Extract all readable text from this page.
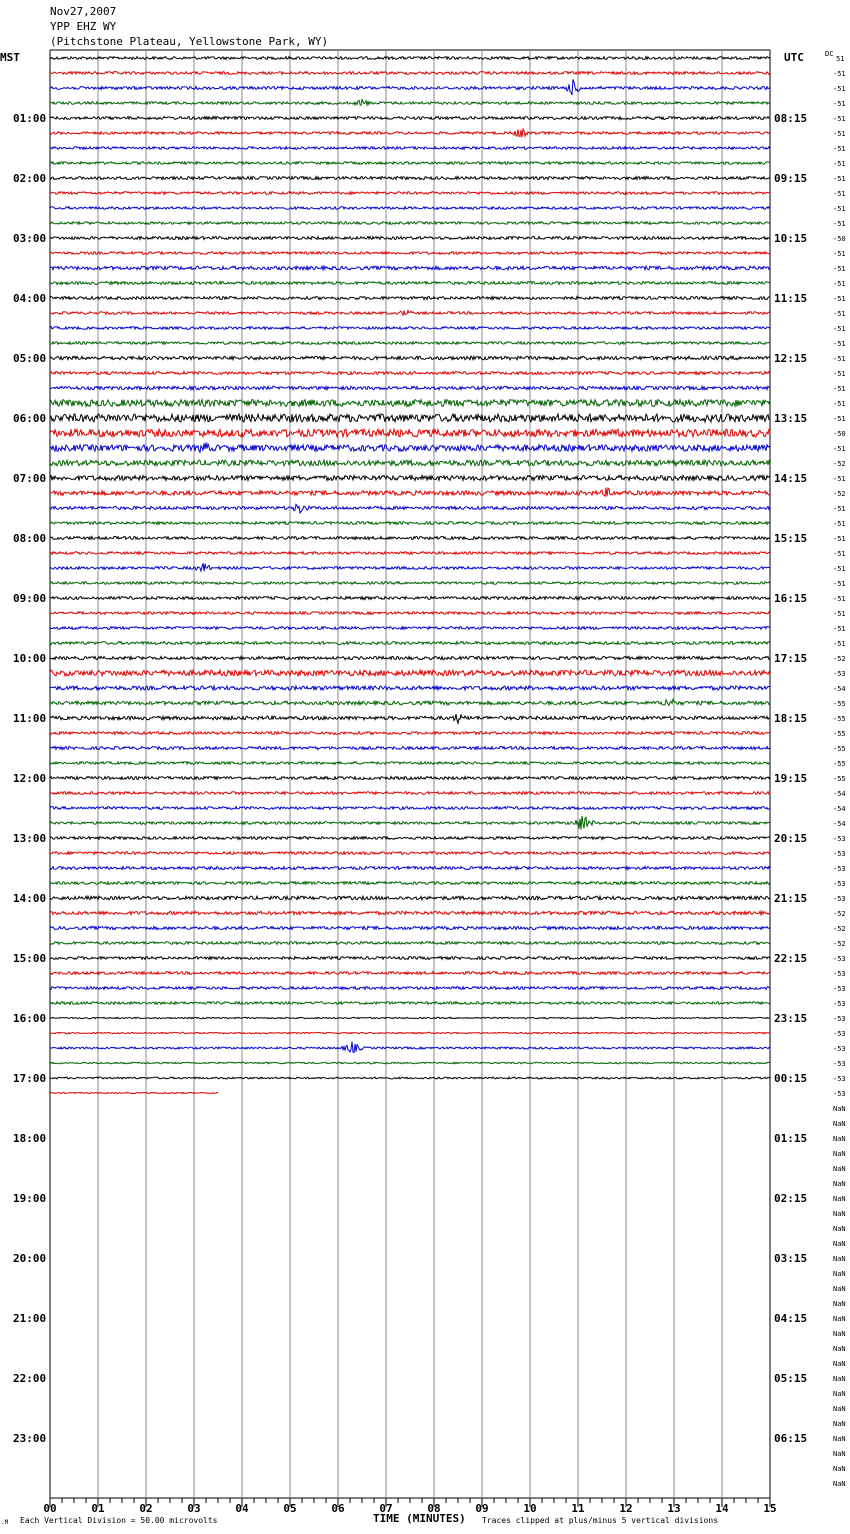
Nov27,2007
YPP EHZ WY
(Pitchstone Plateau, Yellowstone Park, WY)
MST	UTC	DC
.M Each Vertical Division = 50.00 microvolts	TIME (MINUTES) Traces clipped at plus/minus 5 vertical divisions
00	01	02	03	04	05	06	07	08	09	10	11	12	13	14	15
01:00
02:00
03:00
04:00
05:00
06:00
07:00
08:00
09:00
10:00
11:00
12:00
13:00
14:00
15:00
16:00
17:00
18:00
19:00
20:00
21:00
22:00
23:00
08:15
09:15
10:15
11:15
12:15
13:15
14:15
15:15
16:15
17:15
18:15
19:15
20:15
21:15
22:15
23:15
00:15
01:15
02:15
03:15
04:15
05:15
06:15
51
-51
-51
-51
-51
-51
-51
-51
-51
-51
-51
-51
-50
-51
-51
-51
-51
-51
-51
-51
-51
-51
-51
-51
-51
-50
-51
-52
-51
-52
-51
-51
-51
-51
-51
-51
-51
-51
-51
-51
-52
-53
-54
-55
-55
-55
-55
-55
-55
-54
-54
-54
-53
-53
-53
-53
-53
-52
-52
-52
-53
-53
-53
-53
-53
-53
-53
-53
-53
-53
NaN
NaN
NaN
NaN
NaN
NaN
NaN
NaN
NaN
NaN
NaN
NaN
NaN
NaN
NaN
NaN
NaN
NaN
NaN
NaN
NaN
NaN
NaN
NaN
NaN
NaN
